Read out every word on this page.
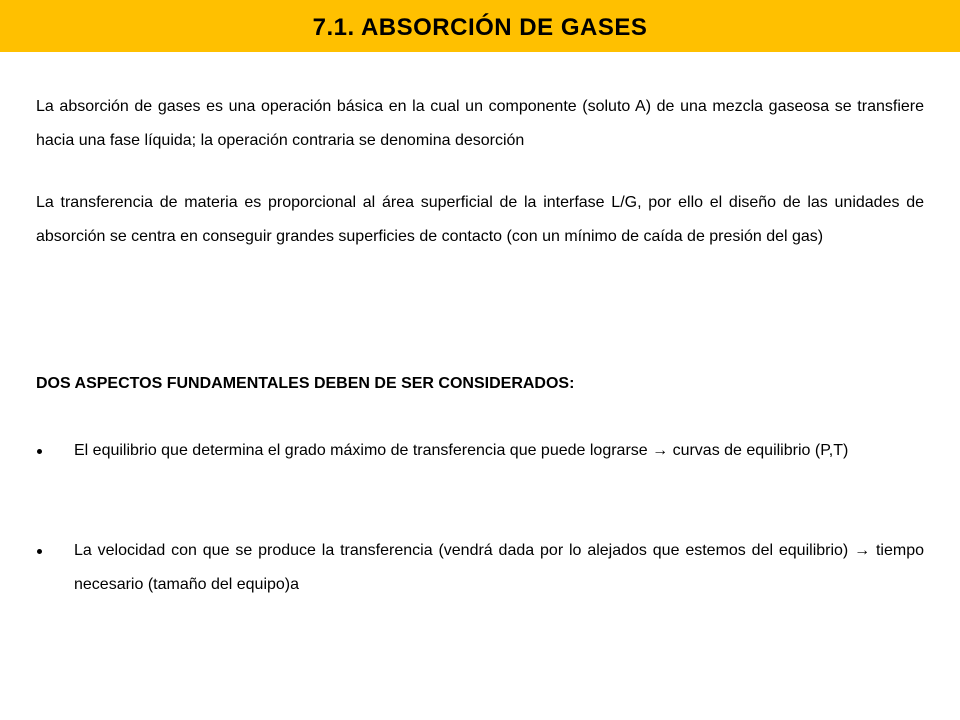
7.1. ABSORCIÓN DE GASES
La absorción de gases es una operación básica en la cual un componente (soluto A) de una mezcla gaseosa se transfiere hacia una fase líquida; la operación contraria se denomina desorción
La transferencia de materia es proporcional al área superficial de la interfase L/G, por ello el diseño de las unidades de absorción se centra en conseguir grandes superficies de contacto (con un mínimo de caída de presión del gas)
DOS ASPECTOS FUNDAMENTALES DEBEN DE SER CONSIDERADOS:
El equilibrio que determina el grado máximo de transferencia que puede lograrse → curvas de equilibrio (P,T)
La velocidad con que se produce la transferencia (vendrá dada por lo alejados que estemos del equilibrio) → tiempo necesario (tamaño del equipo)a
